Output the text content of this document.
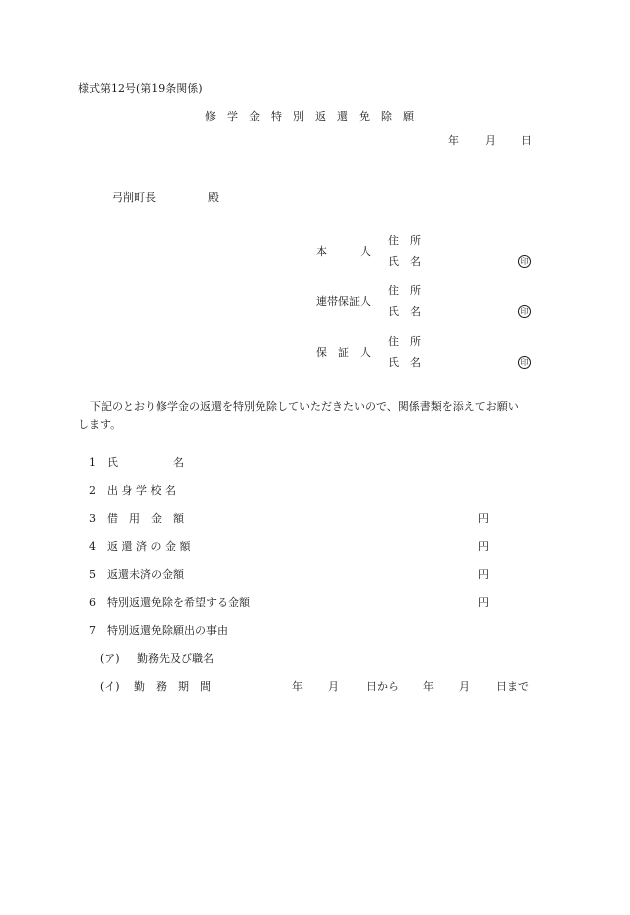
様式第12号(第19条関係)
修　学　金　特　別　返　還　免　除　願
年 月 日
弓削町長	殿
本　　　人
住　所
氏　名	印
連帯保証人
住　所
氏　名	印
保　証　人
住　所
氏　名	印
下記のとおり修学金の返還を特別免除していただきたいので、関係書類を添えてお願い
します。
1 氏　　　　　名
2 出 身 学 校 名
3 借　用　金　額	円
4 返 還 済 の 金 額	円
5 返還未済の金額	円
6 特別返還免除を希望する金額	円
7 特別返還免除願出の事由
(ア) 勤務先及び職名
(イ) 勤　務　期　間	年 月 日から 年 月 日まで
